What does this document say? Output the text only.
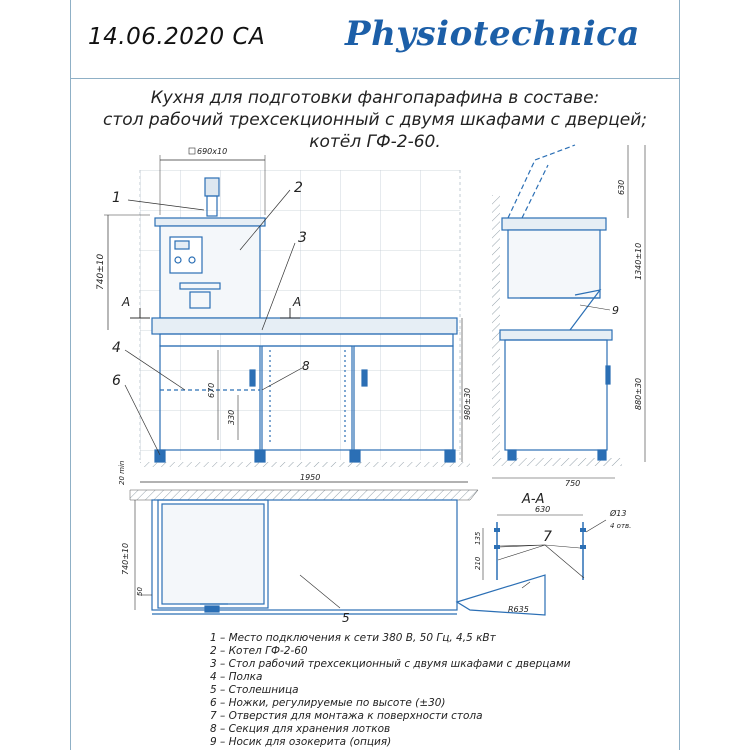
14.06.2020 СА Physiotechnica
Кухня для подготовки фангопарафина в составе:
стол рабочий трехсекционный с двумя шкафами с дверцей;
котёл ГФ-2-60.
690х10
А	А
740±10
670
330	980±30
1950
20 min
1
2
3
4
6
8
630
1340±10
880±30
750
9
740±10
50
5
R635
А-А
630	Ø13
4 отв.
135
210
7
1 – Место подключения к сети 380 В, 50 Гц, 4,5 кВт
2 – Котел ГФ-2-60
3 – Стол рабочий трехсекционный с двумя шкафами с дверцами
4 – Полка
5 – Столешница
6 – Ножки, регулируемые по высоте (±30)
7 – Отверстия для монтажа к поверхности стола
8 – Секция для хранения лотков
9 – Носик для озокерита (опция)
